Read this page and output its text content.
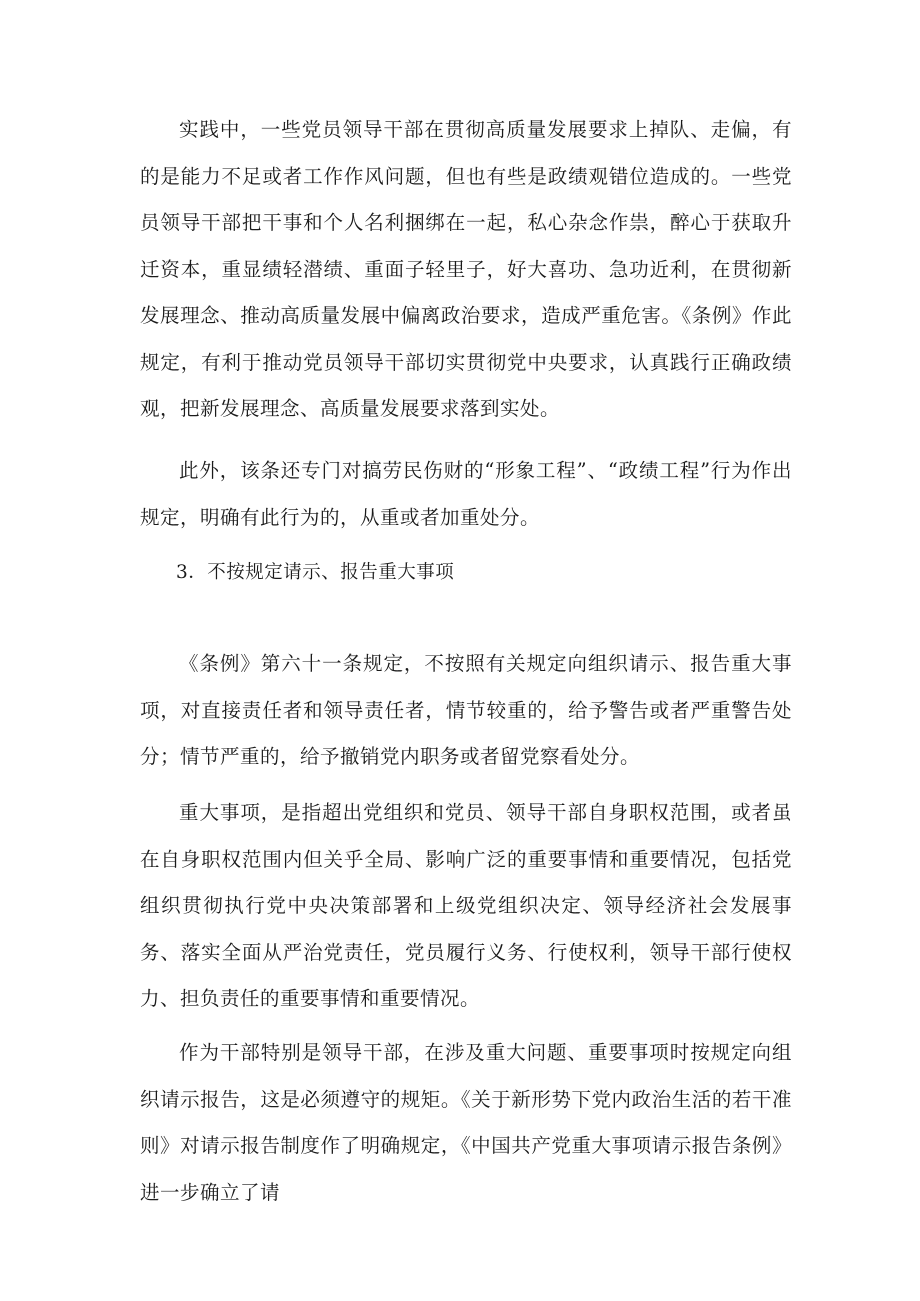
实践中，一些党员领导干部在贯彻高质量发展要求上掉队、走偏，有的是能力不足或者工作作风问题，但也有些是政绩观错位造成的。一些党员领导干部把干事和个人名利捆绑在一起，私心杂念作祟，醉心于获取升迁资本，重显绩轻潜绩、重面子轻里子，好大喜功、急功近利，在贯彻新发展理念、推动高质量发展中偏离政治要求，造成严重危害。《条例》作此规定，有利于推动党员领导干部切实贯彻党中央要求，认真践行正确政绩观，把新发展理念、高质量发展要求落到实处。

此外，该条还专门对搞劳民伤财的“形象工程”、“政绩工程”行为作出规定，明确有此行为的，从重或者加重处分。

3．不按规定请示、报告重大事项

《条例》第六十一条规定，不按照有关规定向组织请示、报告重大事项，对直接责任者和领导责任者，情节较重的，给予警告或者严重警告处分；情节严重的，给予撤销党内职务或者留党察看处分。

重大事项，是指超出党组织和党员、领导干部自身职权范围，或者虽在自身职权范围内但关乎全局、影响广泛的重要事情和重要情况，包括党组织贯彻执行党中央决策部署和上级党组织决定、领导经济社会发展事务、落实全面从严治党责任，党员履行义务、行使权利，领导干部行使权力、担负责任的重要事情和重要情况。

作为干部特别是领导干部，在涉及重大问题、重要事项时按规定向组织请示报告，这是必须遵守的规矩。《关于新形势下党内政治生活的若干准则》对请示报告制度作了明确规定，《中国共产党重大事项请示报告条例》进一步确立了请
